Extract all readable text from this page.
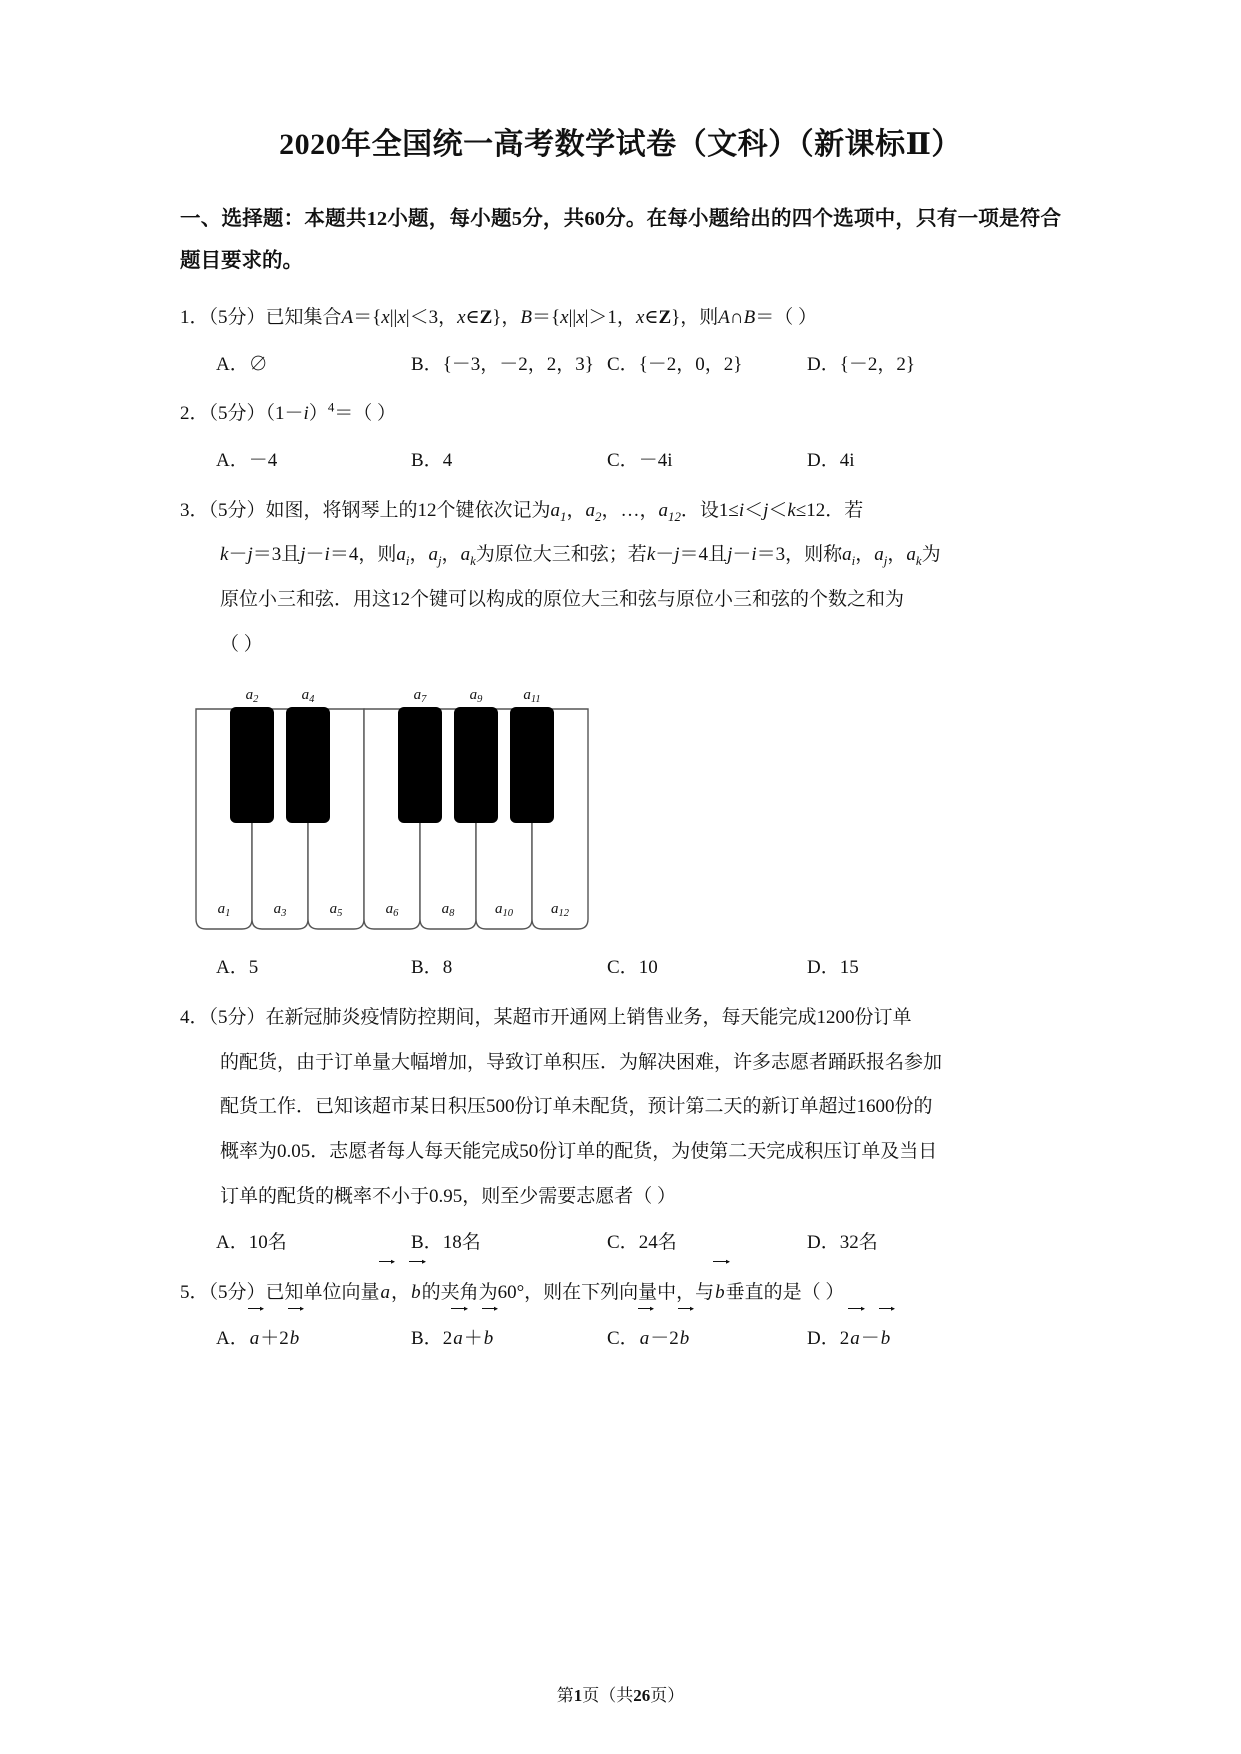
2020年全国统一高考数学试卷（文科）（新课标Ⅱ）

一、选择题：本题共12小题，每小题5分，共60分。在每小题给出的四个选项中，只有一项是符合题目要求的。

1．（5分）已知集合A＝{x||x|＜3，x∈Z}，B＝{x||x|＞1，x∈Z}，则A∩B＝（ ）
A．∅	B．{－3，－2，2，3} C．{－2，0，2}	D．{－2，2}
2．（5分）$(1-i)^4=$（ ）
A．－4	B．4	C．－4i	D．4i
3．（5分）如图，将钢琴上的12个键依次记为$a_1$，$a_2$，…，$a_{12}$．设1≤i＜j＜k≤12．若
k－j＝3且j－i＝4，则$a_i$，$a_j$，$a_k$为原位大三和弦；若k－j＝4且j－i＝3，则称$a_i$，$a_j$，$a_k$为
原位小三和弦．用这12个键可以构成的原位大三和弦与原位小三和弦的个数之和为
（ ）
$a_2$	$a_4$	$a_7$	$a_9$	$a_{11}$
$a_1$	$a_3$	$a_5$	$a_6$	$a_8$	$a_{10}$	$a_{12}$
A．5	B．8	C．10	D．15
4．（5分）在新冠肺炎疫情防控期间，某超市开通网上销售业务，每天能完成1200份订单
的配货，由于订单量大幅增加，导致订单积压．为解决困难，许多志愿者踊跃报名参加
配货工作．已知该超市某日积压500份订单未配货，预计第二天的新订单超过1600份的
概率为0.05．志愿者每人每天能完成50份订单的配货，为使第二天完成积压订单及当日
订单的配货的概率不小于0.95，则至少需要志愿者（ ）
A．10名	B．18名	C．24名	D．32名
5．（5分）已知单位向量a，b的夹角为60°，则在下列向量中，与b垂直的是（ ）
A．a＋2b	B．2a＋b	C．a－2b	D．2a－b
第1页（共26页）
